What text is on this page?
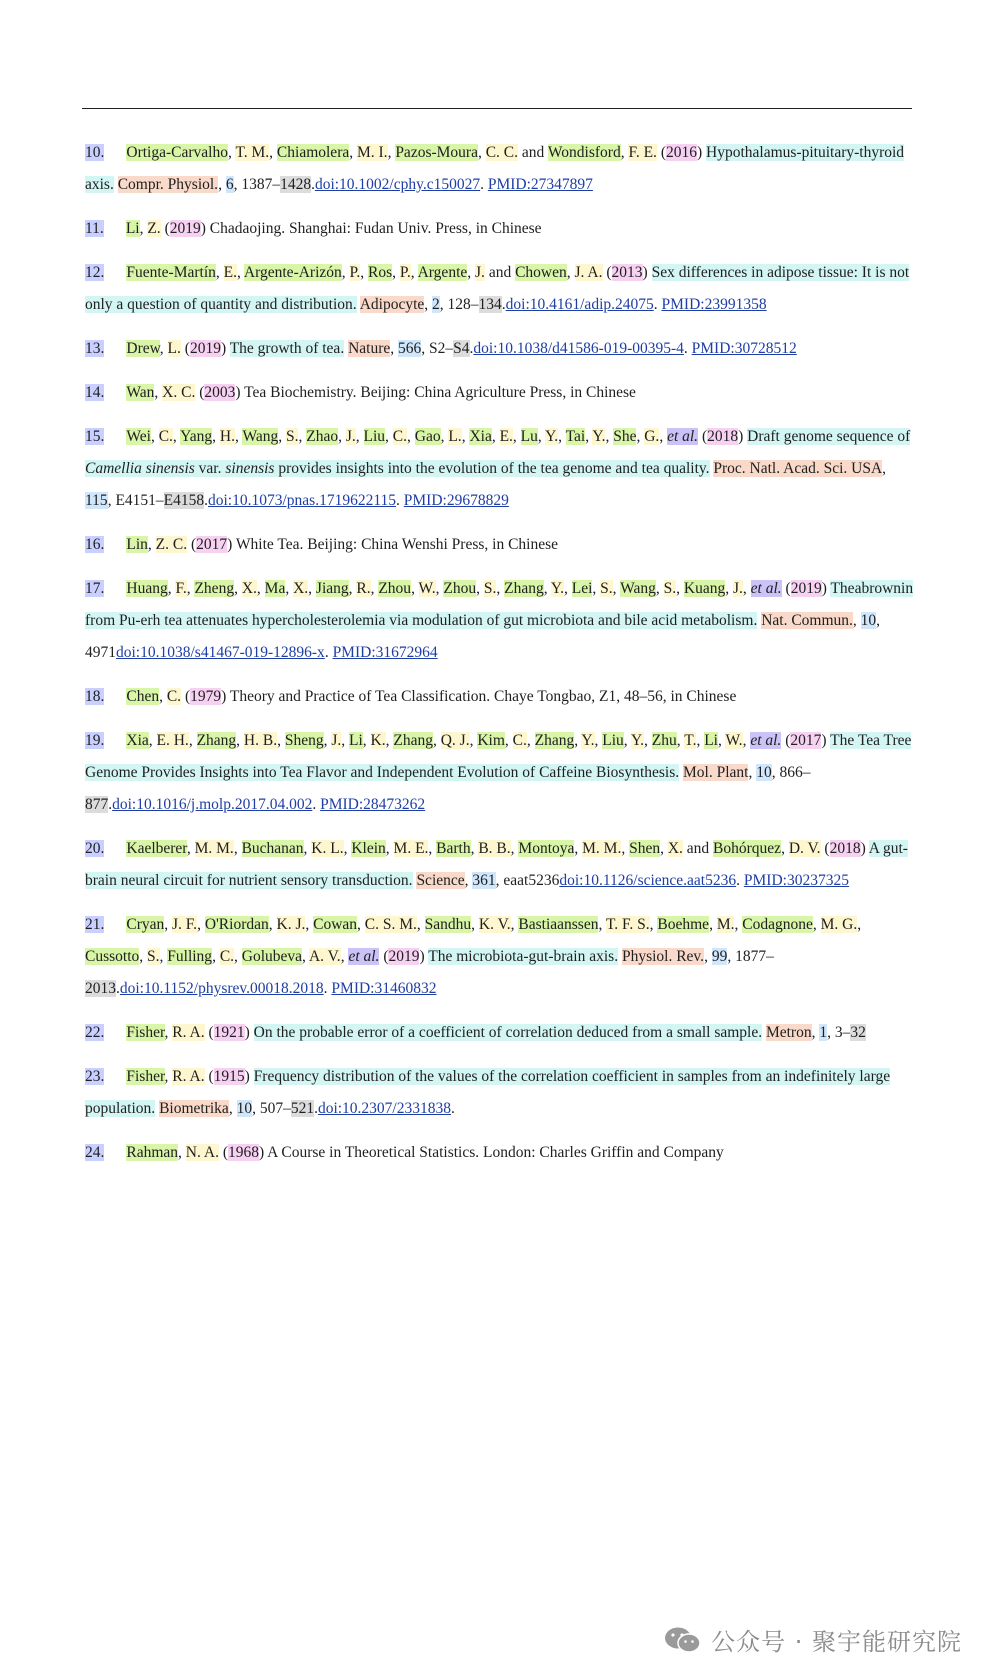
10. Ortiga-Carvalho, T. M., Chiamolera, M. I., Pazos-Moura, C. C. and Wondisford, F. E. (2016) Hypothalamus-pituitary-thyroid axis. Compr. Physiol., 6, 1387–1428.doi:10.1002/cphy.c150027. PMID:27347897
11. Li, Z. (2019) Chadaojing. Shanghai: Fudan Univ. Press, in Chinese
12. Fuente-Martín, E., Argente-Arizón, P., Ros, P., Argente, J. and Chowen, J. A. (2013) Sex differences in adipose tissue: It is not only a question of quantity and distribution. Adipocyte, 2, 128–134.doi:10.4161/adip.24075. PMID:23991358
13. Drew, L. (2019) The growth of tea. Nature, 566, S2–S4.doi:10.1038/d41586-019-00395-4. PMID:30728512
14. Wan, X. C. (2003) Tea Biochemistry. Beijing: China Agriculture Press, in Chinese
15. Wei, C., Yang, H., Wang, S., Zhao, J., Liu, C., Gao, L., Xia, E., Lu, Y., Tai, Y., She, G., et al. (2018) Draft genome sequence of Camellia sinensis var. sinensis provides insights into the evolution of the tea genome and tea quality. Proc. Natl. Acad. Sci. USA, 115, E4151–E4158.doi:10.1073/pnas.1719622115. PMID:29678829
16. Lin, Z. C. (2017) White Tea. Beijing: China Wenshi Press, in Chinese
17. Huang, F., Zheng, X., Ma, X., Jiang, R., Zhou, W., Zhou, S., Zhang, Y., Lei, S., Wang, S., Kuang, J., et al. (2019) Theabrownin from Pu-erh tea attenuates hypercholesterolemia via modulation of gut microbiota and bile acid metabolism. Nat. Commun., 10, 4971doi:10.1038/s41467-019-12896-x. PMID:31672964
18. Chen, C. (1979) Theory and Practice of Tea Classification. Chaye Tongbao, Z1, 48–56, in Chinese
19. Xia, E. H., Zhang, H. B., Sheng, J., Li, K., Zhang, Q. J., Kim, C., Zhang, Y., Liu, Y., Zhu, T., Li, W., et al. (2017) The Tea Tree Genome Provides Insights into Tea Flavor and Independent Evolution of Caffeine Biosynthesis. Mol. Plant, 10, 866–877.doi:10.1016/j.molp.2017.04.002. PMID:28473262
20. Kaelberer, M. M., Buchanan, K. L., Klein, M. E., Barth, B. B., Montoya, M. M., Shen, X. and Bohórquez, D. V. (2018) A gut-brain neural circuit for nutrient sensory transduction. Science, 361, eaat5236doi:10.1126/science.aat5236. PMID:30237325
21. Cryan, J. F., O'Riordan, K. J., Cowan, C. S. M., Sandhu, K. V., Bastiaanssen, T. F. S., Boehme, M., Codagnone, M. G., Cussotto, S., Fulling, C., Golubeva, A. V., et al. (2019) The microbiota-gut-brain axis. Physiol. Rev., 99, 1877–2013.doi:10.1152/physrev.00018.2018. PMID:31460832
22. Fisher, R. A. (1921) On the probable error of a coefficient of correlation deduced from a small sample. Metron, 1, 3–32
23. Fisher, R. A. (1915) Frequency distribution of the values of the correlation coefficient in samples from an indefinitely large population. Biometrika, 10, 507–521.doi:10.2307/2331838.
24. Rahman, N. A. (1968) A Course in Theoretical Statistics. London: Charles Griffin and Company
公众号 · 聚宇能研究院
